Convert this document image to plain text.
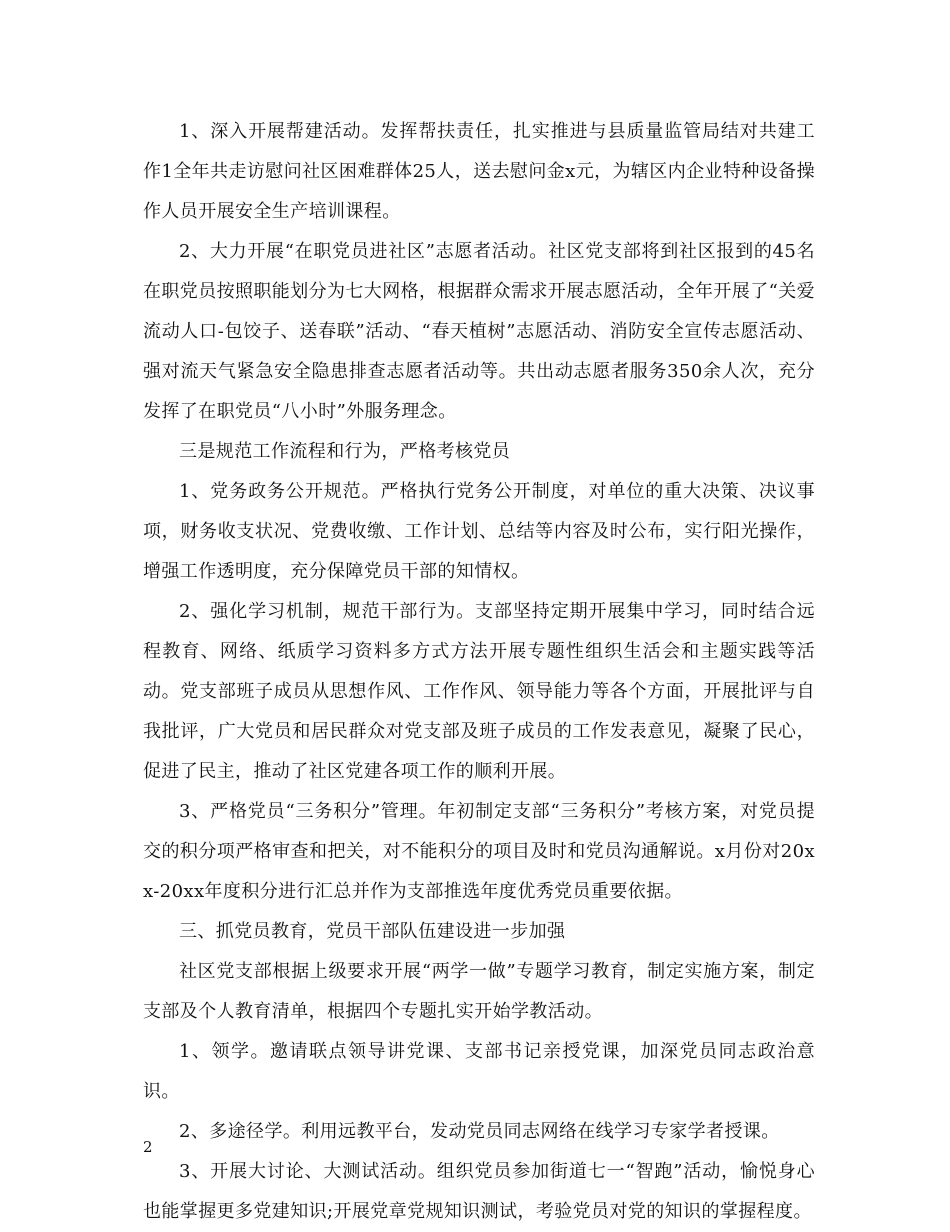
1、深入开展帮建活动。发挥帮扶责任，扎实推进与县质量监管局结对共建工作1全年共走访慰问社区困难群体25人，送去慰问金x元，为辖区内企业特种设备操作人员开展安全生产培训课程。

2、大力开展“在职党员进社区”志愿者活动。社区党支部将到社区报到的45名在职党员按照职能划分为七大网格，根据群众需求开展志愿活动，全年开展了“关爱流动人口-包饺子、送春联”活动、“春天植树”志愿活动、消防安全宣传志愿活动、强对流天气紧急安全隐患排查志愿者活动等。共出动志愿者服务350余人次，充分发挥了在职党员“八小时”外服务理念。

三是规范工作流程和行为，严格考核党员

1、党务政务公开规范。严格执行党务公开制度，对单位的重大决策、决议事项，财务收支状况、党费收缴、工作计划、总结等内容及时公布，实行阳光操作，增强工作透明度，充分保障党员干部的知情权。

2、强化学习机制，规范干部行为。支部坚持定期开展集中学习，同时结合远程教育、网络、纸质学习资料多方式方法开展专题性组织生活会和主题实践等活动。党支部班子成员从思想作风、工作作风、领导能力等各个方面，开展批评与自我批评，广大党员和居民群众对党支部及班子成员的工作发表意见，凝聚了民心，促进了民主，推动了社区党建各项工作的顺利开展。

3、严格党员“三务积分”管理。年初制定支部“三务积分”考核方案，对党员提交的积分项严格审查和把关，对不能积分的项目及时和党员沟通解说。x月份对20xx-20xx年度积分进行汇总并作为支部推选年度优秀党员重要依据。

三、抓党员教育，党员干部队伍建设进一步加强

社区党支部根据上级要求开展“两学一做”专题学习教育，制定实施方案，制定支部及个人教育清单，根据四个专题扎实开始学教活动。

1、领学。邀请联点领导讲党课、支部书记亲授党课，加深党员同志政治意识。

2、多途径学。利用远教平台，发动党员同志网络在线学习专家学者授课。

3、开展大讨论、大测试活动。组织党员参加街道七一“智跑”活动，愉悦身心也能掌握更多党建知识;开展党章党规知识测试，考验党员对党的知识的掌握程度。

2
